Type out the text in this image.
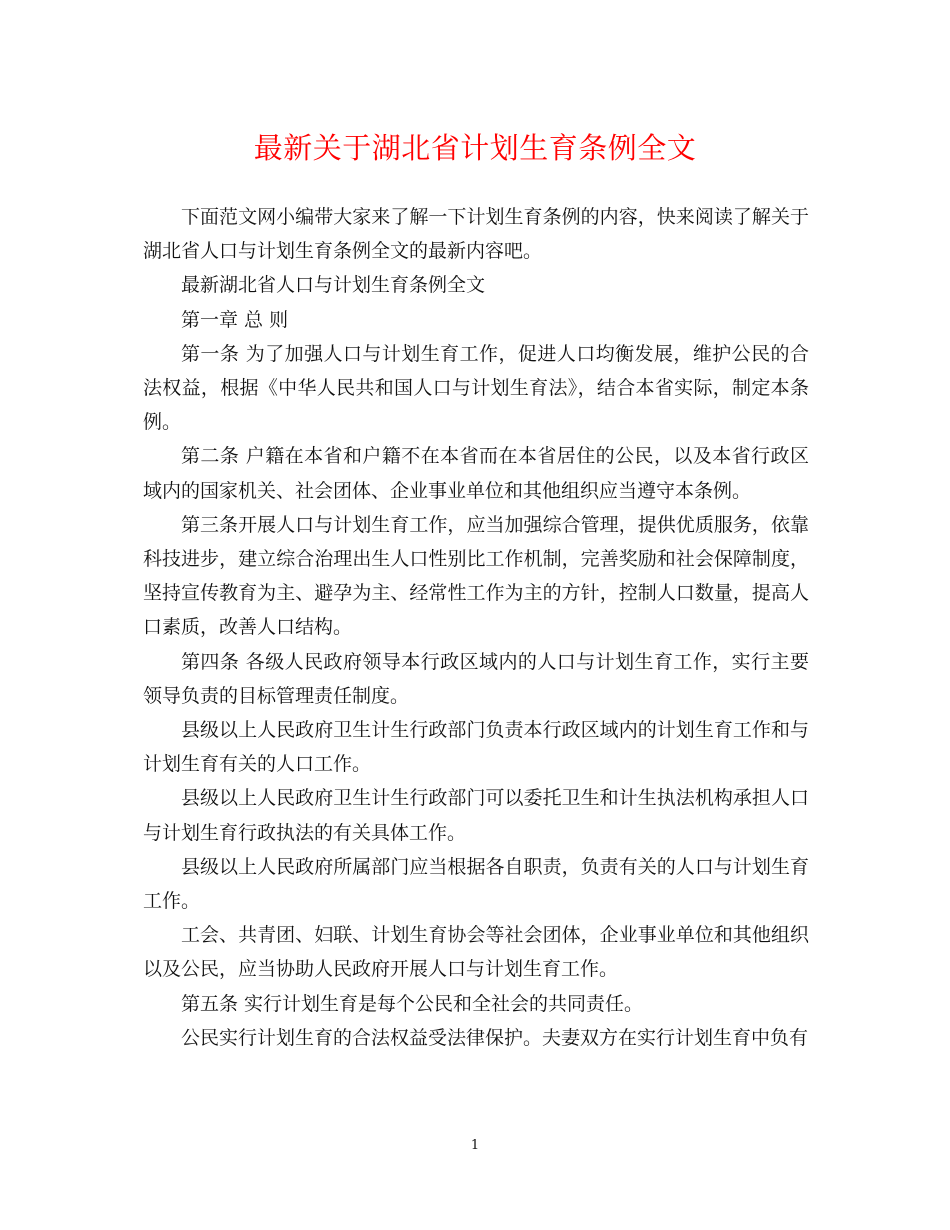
最新关于湖北省计划生育条例全文

下面范文网小编带大家来了解一下计划生育条例的内容，快来阅读了解关于湖北省人口与计划生育条例全文的最新内容吧。

最新湖北省人口与计划生育条例全文

第一章 总 则

第一条 为了加强人口与计划生育工作，促进人口均衡发展，维护公民的合法权益，根据《中华人民共和国人口与计划生育法》，结合本省实际，制定本条例。

第二条 户籍在本省和户籍不在本省而在本省居住的公民，以及本省行政区域内的国家机关、社会团体、企业事业单位和其他组织应当遵守本条例。

第三条开展人口与计划生育工作，应当加强综合管理，提供优质服务，依靠科技进步，建立综合治理出生人口性别比工作机制，完善奖励和社会保障制度，坚持宣传教育为主、避孕为主、经常性工作为主的方针，控制人口数量，提高人口素质，改善人口结构。

第四条 各级人民政府领导本行政区域内的人口与计划生育工作，实行主要领导负责的目标管理责任制度。

县级以上人民政府卫生计生行政部门负责本行政区域内的计划生育工作和与计划生育有关的人口工作。

县级以上人民政府卫生计生行政部门可以委托卫生和计生执法机构承担人口与计划生育行政执法的有关具体工作。

县级以上人民政府所属部门应当根据各自职责，负责有关的人口与计划生育工作。

工会、共青团、妇联、计划生育协会等社会团体，企业事业单位和其他组织以及公民，应当协助人民政府开展人口与计划生育工作。

第五条 实行计划生育是每个公民和全社会的共同责任。

公民实行计划生育的合法权益受法律保护。夫妻双方在实行计划生育中负有

1
